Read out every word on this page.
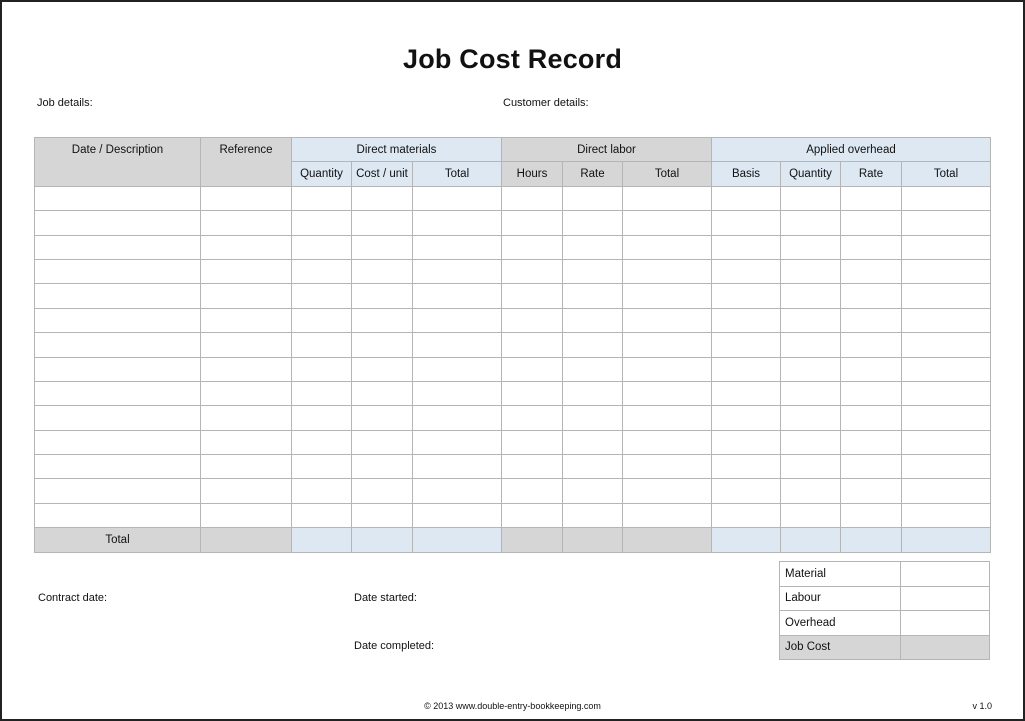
Job Cost Record
Job details:	Customer details:
Date / Description	Reference	Direct materials			Direct labor			Applied overhead			
		Quantity	Cost / unit	Total	Hours	Rate	Total	Basis	Quantity	Rate	Total

Total											
Contract date:	Date started:
Date completed:
Material	
Labour	
Overhead	
Job Cost	
© 2013 www.double-entry-bookkeeping.com	v 1.0
